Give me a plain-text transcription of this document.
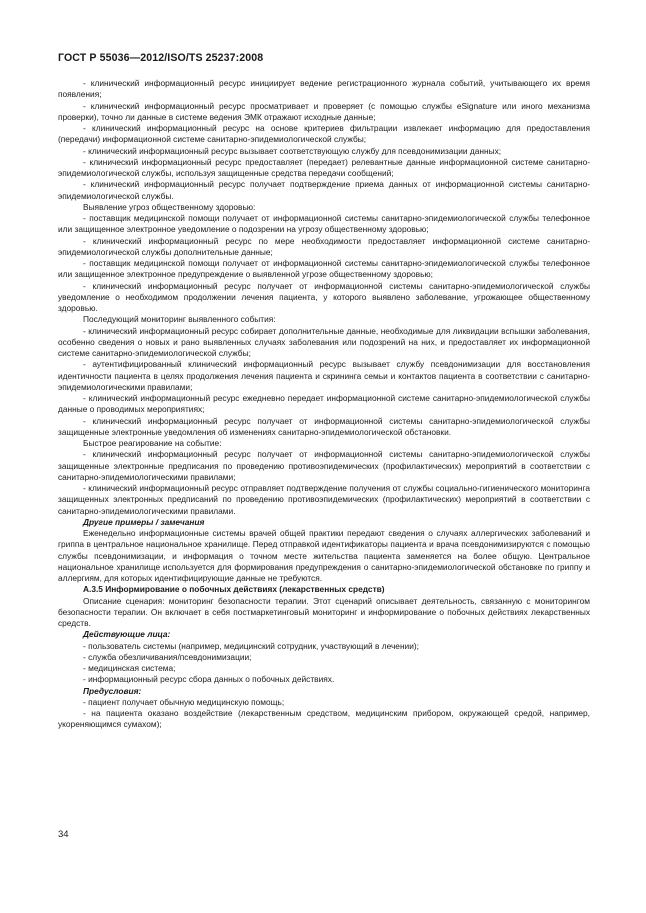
ГОСТ Р 55036—2012/ISO/TS 25237:2008

- клинический информационный ресурс инициирует ведение регистрационного журнала событий, учитывающего их время появления;

- клинический информационный ресурс просматривает и проверяет (с помощью службы eSignature или иного механизма проверки), точно ли данные в системе ведения ЭМК отражают исходные данные;

- клинический информационный ресурс на основе критериев фильтрации извлекает информацию для предоставления (передачи) информационной системе санитарно-эпидемиологической службы;

- клинический информационный ресурс вызывает соответствующую службу для псевдонимизации данных;

- клинический информационный ресурс предоставляет (передает) релевантные данные информационной системе санитарно-эпидемиологической службы, используя защищенные средства передачи сообщений;

- клинический информационный ресурс получает подтверждение приема данных от информационной системы санитарно-эпидемиологической службы.

Выявление угроз общественному здоровью:

- поставщик медицинской помощи получает от информационной системы санитарно-эпидемиологической службы телефонное или защищенное электронное уведомление о подозрении на угрозу общественному здоровью;

- клинический информационный ресурс по мере необходимости предоставляет информационной системе санитарно-эпидемиологической службы дополнительные данные;

- поставщик медицинской помощи получает от информационной системы санитарно-эпидемиологической службы телефонное или защищенное электронное предупреждение о выявленной угрозе общественному здоровью;

- клинический информационный ресурс получает от информационной системы санитарно-эпидемиологической службы уведомление о необходимом продолжении лечения пациента, у которого выявлено заболевание, угрожающее общественному здоровью.

Последующий мониторинг выявленного события:

- клинический информационный ресурс собирает дополнительные данные, необходимые для ликвидации вспышки заболевания, особенно сведения о новых и рано выявленных случаях заболевания или подозрений на них, и предоставляет их информационной системе санитарно-эпидемиологической службы;

- аутентифицированный клинический информационный ресурс вызывает службу псевдонимизации для восстановления идентичности пациента в целях продолжения лечения пациента и скрининга семьи и контактов пациента в соответствии с санитарно-эпидемиологическими правилами;

- клинический информационный ресурс ежедневно передает информационной системе санитарно-эпидемиологической службы данные о проводимых мероприятиях;

- клинический информационный ресурс получает от информационной системы санитарно-эпидемиологической службы защищенные электронные уведомления об изменениях санитарно-эпидемиологической обстановки.

Быстрое реагирование на событие:

- клинический информационный ресурс получает от информационной системы санитарно-эпидемиологической службы защищенные электронные предписания по проведению противоэпидемических (профилактических) мероприятий в соответствии с санитарно-эпидемиологическими правилами;

- клинический информационный ресурс отправляет подтверждение получения от службы социально-гигиенического мониторинга защищенных электронных предписаний по проведению противоэпидемических (профилактических) мероприятий в соответствии с санитарно-эпидемиологическими правилами.

Другие примеры / замечания

Еженедельно информационные системы врачей общей практики передают сведения о случаях аллергических заболеваний и гриппа в центральное национальное хранилище. Перед отправкой идентификаторы пациента и врача псевдонимизируются с помощью службы псевдонимизации, и информация о точном месте жительства пациента заменяется на более общую. Центральное национальное хранилище используется для формирования предупреждения о санитарно-эпидемиологической обстановке по гриппу и аллергиям, для которых идентифицирующие данные не требуются.

А.3.5 Информирование о побочных действиях (лекарственных средств)

Описание сценария: мониторинг безопасности терапии. Этот сценарий описывает деятельность, связанную с мониторингом безопасности терапии. Он включает в себя постмаркетинговый мониторинг и информирование о побочных действиях лекарственных средств.

Действующие лица:

- пользователь системы (например, медицинский сотрудник, участвующий в лечении);

- служба обезличивания/псевдонимизации;

- медицинская система;

- информационный ресурс сбора данных о побочных действиях.

Предусловия:

- пациент получает обычную медицинскую помощь;

- на пациента оказано воздействие (лекарственным средством, медицинским прибором, окружающей средой, например, укореняющимся сумахом);

34
